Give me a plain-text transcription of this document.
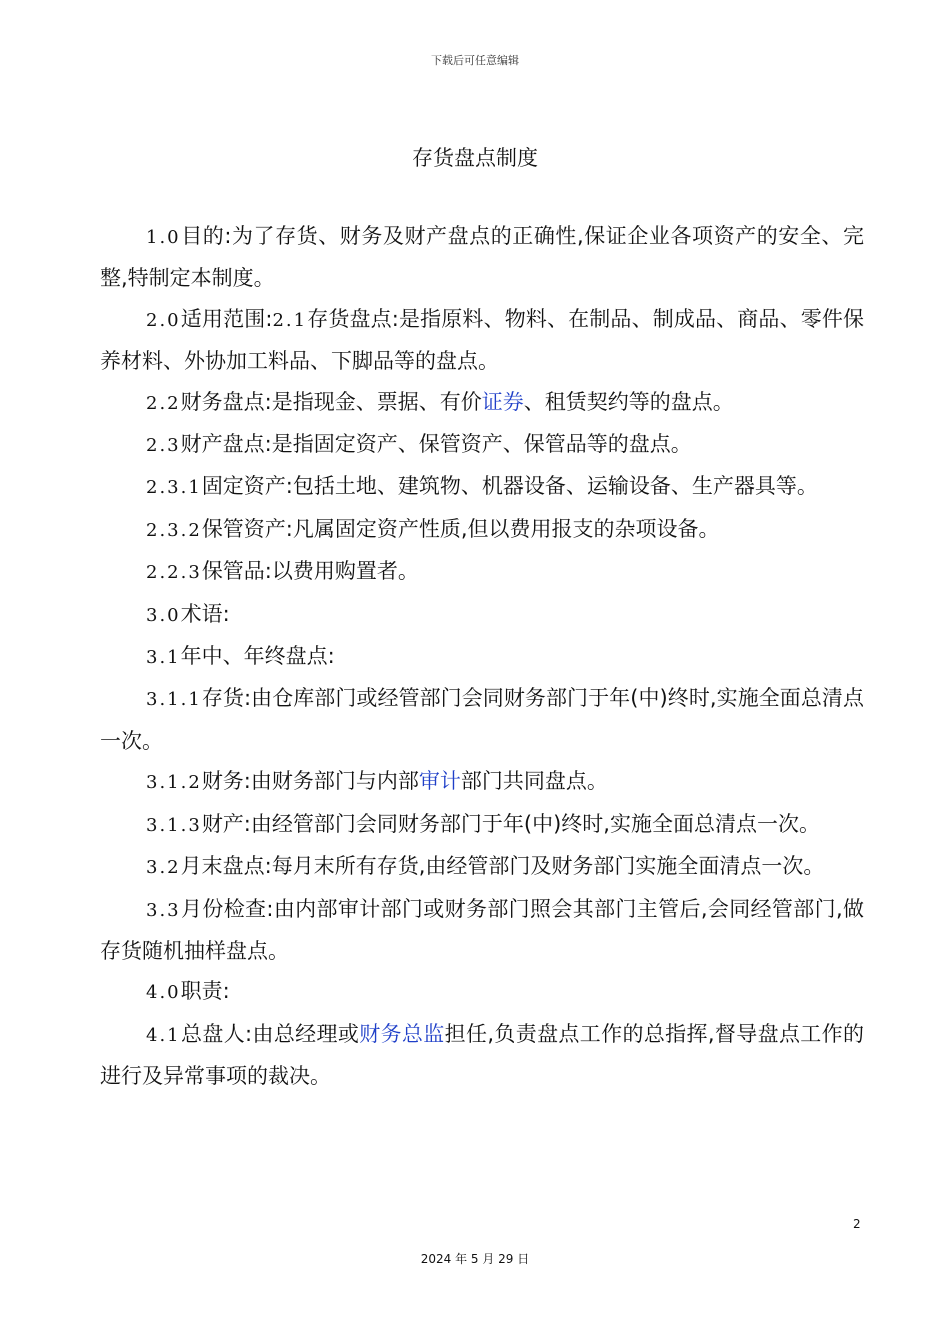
下载后可任意编辑
存货盘点制度

1.0目的:为了存货、财务及财产盘点的正确性,保证企业各项资产的安全、完整,特制定本制度。

2.0适用范围:2.1存货盘点:是指原料、物料、在制品、制成品、商品、零件保养材料、外协加工料品、下脚品等的盘点。

2.2财务盘点:是指现金、票据、有价证券、租赁契约等的盘点。

2.3财产盘点:是指固定资产、保管资产、保管品等的盘点。

2.3.1固定资产:包括土地、建筑物、机器设备、运输设备、生产器具等。

2.3.2保管资产:凡属固定资产性质,但以费用报支的杂项设备。

2.2.3保管品:以费用购置者。

3.0术语:

3.1年中、年终盘点:

3.1.1存货:由仓库部门或经管部门会同财务部门于年(中)终时,实施全面总清点一次。

3.1.2财务:由财务部门与内部审计部门共同盘点。

3.1.3财产:由经管部门会同财务部门于年(中)终时,实施全面总清点一次。

3.2月末盘点:每月末所有存货,由经管部门及财务部门实施全面清点一次。

3.3月份检查:由内部审计部门或财务部门照会其部门主管后,会同经管部门,做存货随机抽样盘点。

4.0职责:

4.1总盘人:由总经理或财务总监担任,负责盘点工作的总指挥,督导盘点工作的进行及异常事项的裁决。

2
2024 年 5 月 29 日
